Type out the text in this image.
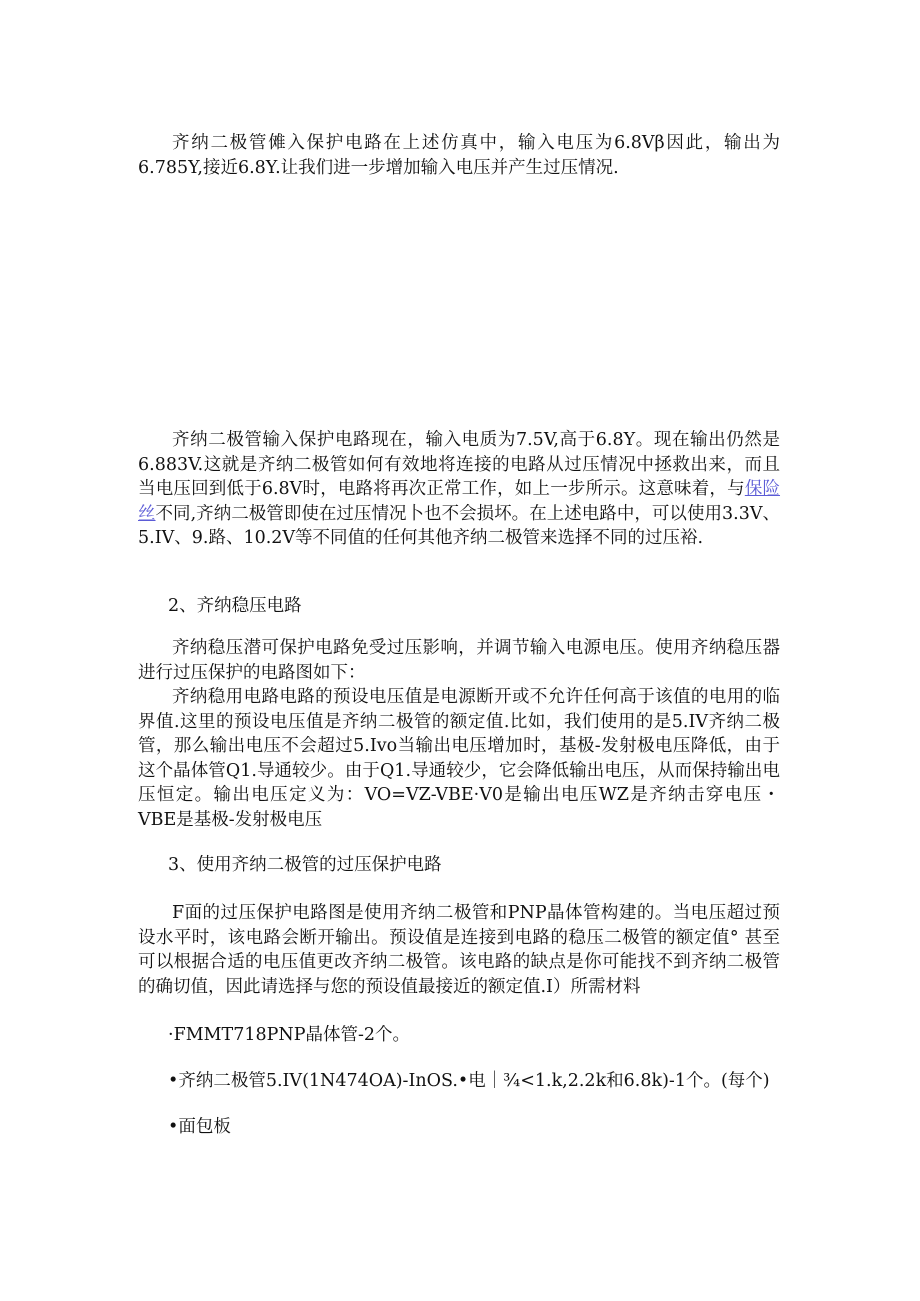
齐纳二极管傩入保护电路在上述仿真中，输入电压为6.8Vβ因此，输出为6.785Y,接近6.8Y.让我们进一步增加输入电压并产生过压情况.

齐纳二极管输入保护电路现在，输入电质为7.5V,高于6.8Y。现在输出仍然是6.883V.这就是齐纳二极管如何有效地将连接的电路从过压情况中拯救出来，而且当电压回到低于6.8V时，电路将再次正常工作，如上一步所示。这意味着，与保险丝不同,齐纳二极管即使在过压情况卜也不会损坏。在上述电路中，可以使用3.3V、5.IV、9.路、10.2V等不同值的任何其他齐纳二极管来选择不同的过压裕.

2、齐纳稳压电路

齐纳稳压潜可保护电路免受过压影响，并调节输入电源电压。使用齐纳稳压器进行过压保护的电路图如下：

齐纳稳用电路电路的预设电压值是电源断开或不允许任何高于该值的电用的临界值.这里的预设电压值是齐纳二极管的额定值.比如，我们使用的是5.IV齐纳二极管，那么输出电压不会超过5.Ivo当输出电压增加时，基极-发射极电压降低，由于这个晶体管Q1.导通较少。由于Q1.导通较少，它会降低输出电压，从而保持输出电压恒定。输出电压定义为：VO=VZ-VBE·V0是输出电压WZ是齐纳击穿电压・VBE是基极-发射极电压

3、使用齐纳二极管的过压保护电路

F面的过压保护电路图是使用齐纳二极管和PNP晶体管构建的。当电压超过预设水平时，该电路会断开输出。预设值是连接到电路的稳压二极管的额定值° 甚至可以根据合适的电压值更改齐纳二极管。该电路的缺点是你可能找不到齐纳二极管的确切值，因此请选择与您的预设值最接近的额定值.I）所需材料

·FMMT718PNP晶体管-2个。

•齐纳二极管5.IV(1N474OA)-InOS.•电｜¾<1.k,2.2k和6.8k)-1个。(每个)

•面包板
